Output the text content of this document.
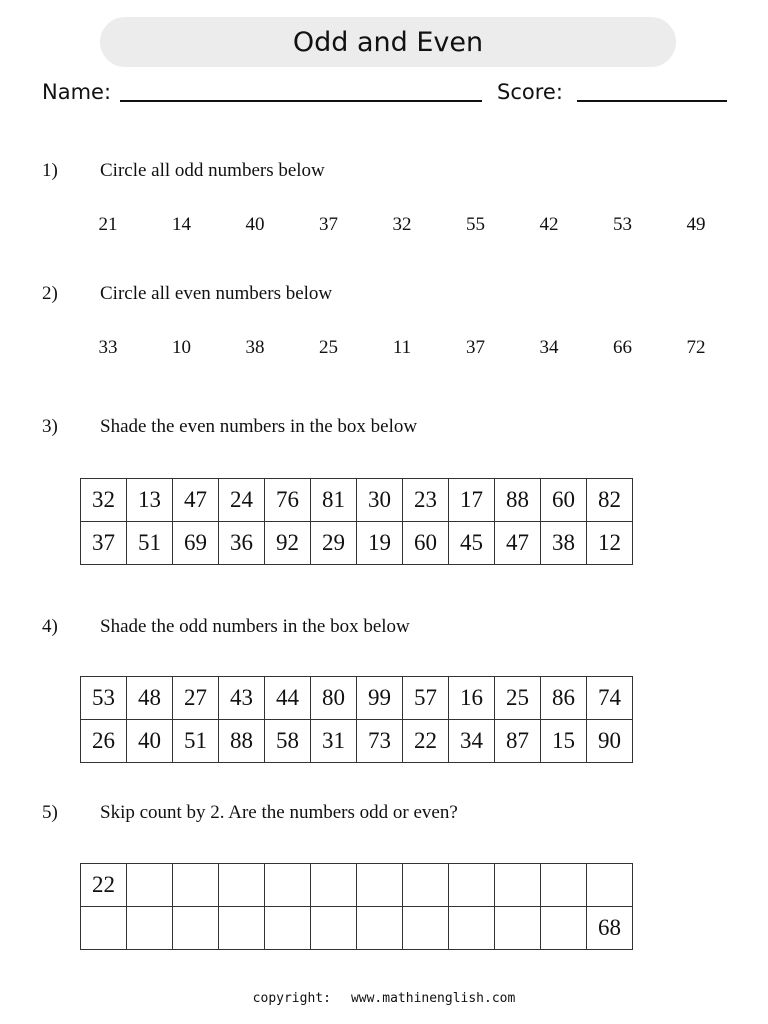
Odd and Even
Name:	Score:
1) Circle all odd numbers below
21	14	40	37	32	55	42	53	49
2) Circle all even numbers below
33	10	38	25	11	37	34	66	72
3) Shade the even numbers in the box below
32	13	47	24	76	81	30	23	17	88	60	82
37	51	69	36	92	29	19	60	45	47	38	12
4) Shade the odd numbers in the box below
53	48	27	43	44	80	99	57	16	25	86	74
26	40	51	88	58	31	73	22	34	87	15	90
5) Skip count by 2. Are the numbers odd or even?
22											
											68
copyright: www.mathinenglish.com
